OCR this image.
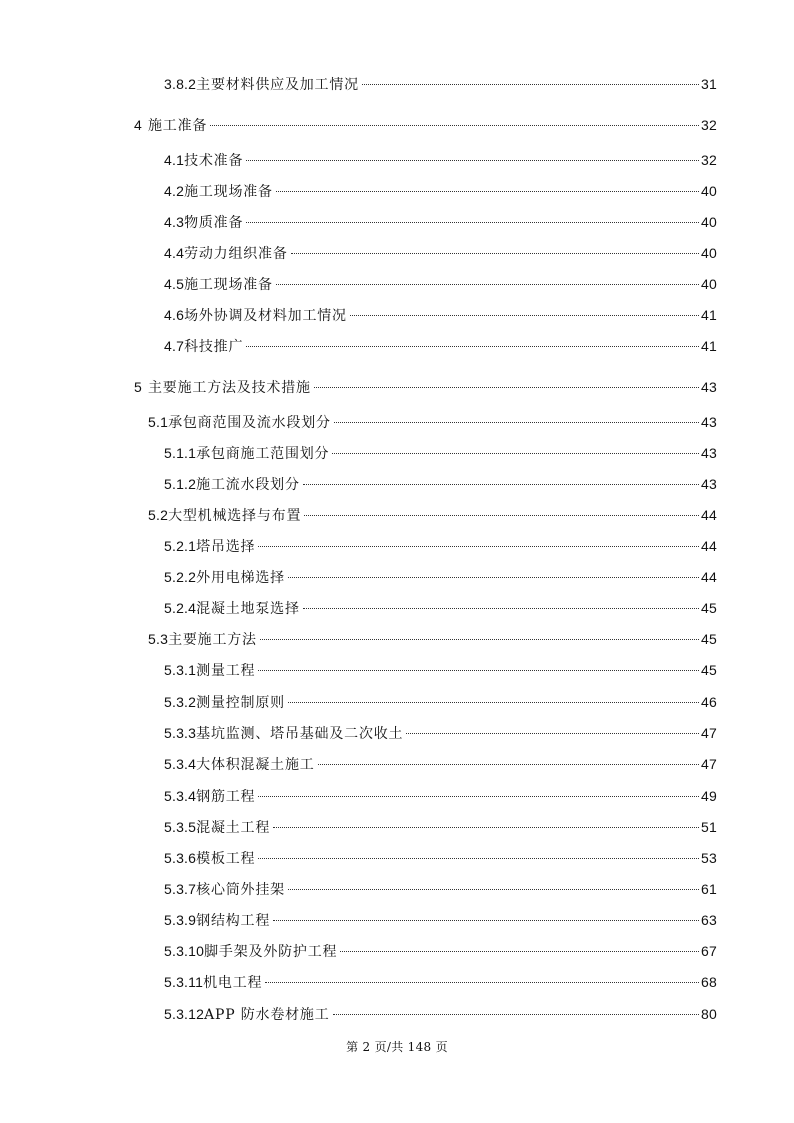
3.8.2 主要材料供应及加工情况	31
4 施工准备	32
4.1 技术准备	32
4.2 施工现场准备	40
4.3 物质准备	40
4.4 劳动力组织准备	40
4.5 施工现场准备	40
4.6 场外协调及材料加工情况	41
4.7 科技推广	41
5 主要施工方法及技术措施	43
5.1 承包商范围及流水段划分	43
5.1.1 承包商施工范围划分	43
5.1.2 施工流水段划分	43
5.2 大型机械选择与布置	44
5.2.1 塔吊选择	44
5.2.2 外用电梯选择	44
5.2.4 混凝土地泵选择	45
5.3 主要施工方法	45
5.3.1 测量工程	45
5.3.2 测量控制原则	46
5.3.3 基坑监测、塔吊基础及二次收土	47
5.3.4 大体积混凝土施工	47
5.3.4 钢筋工程	49
5.3.5 混凝土工程	51
5.3.6 模板工程	53
5.3.7 核心筒外挂架	61
5.3.9 钢结构工程	63
5.3.10 脚手架及外防护工程	67
5.3.11 机电工程	68
5.3.12 APP 防水卷材施工	80
第 2 页/共 148 页
